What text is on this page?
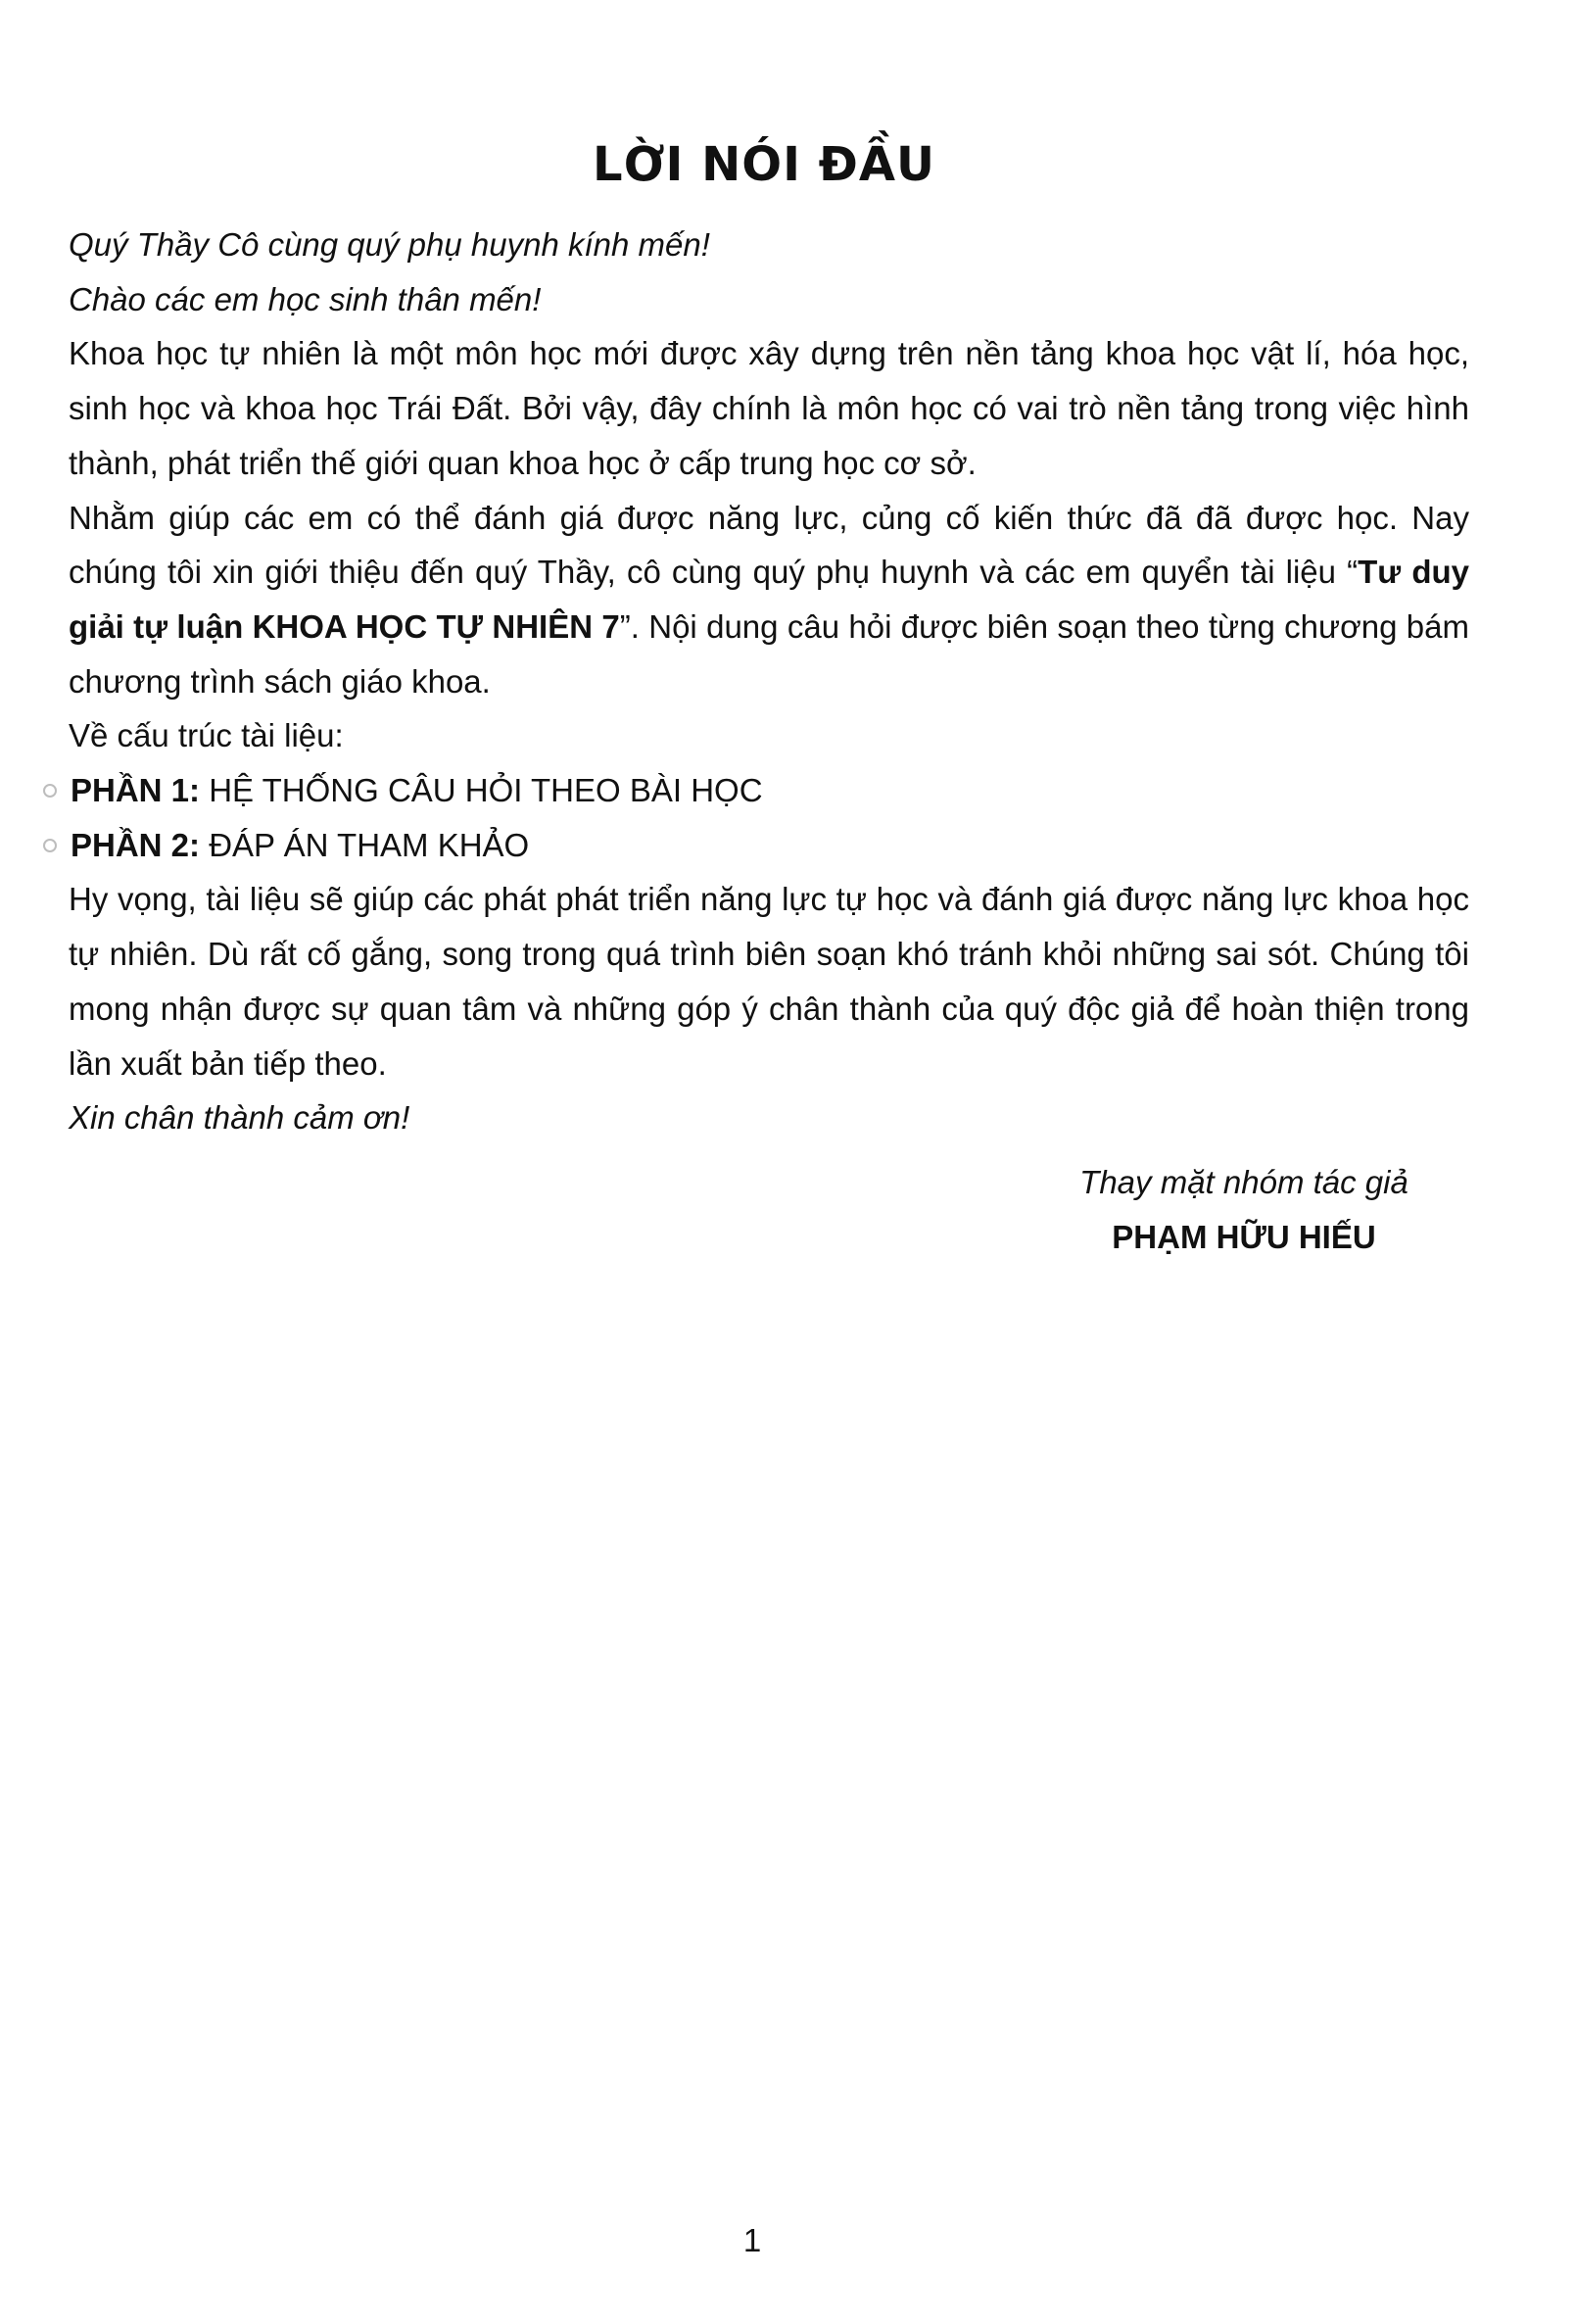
LỜI NÓI ĐẦU

Quý Thầy Cô cùng quý phụ huynh kính mến!

Chào các em học sinh thân mến!

Khoa học tự nhiên là một môn học mới được xây dựng trên nền tảng khoa học vật lí, hóa học, sinh học và khoa học Trái Đất. Bởi vậy, đây chính là môn học có vai trò nền tảng trong việc hình thành, phát triển thế giới quan khoa học ở cấp trung học cơ sở.

Nhằm giúp các em có thể đánh giá được năng lực, củng cố kiến thức đã đã được học. Nay chúng tôi xin giới thiệu đến quý Thầy, cô cùng quý phụ huynh và các em quyển tài liệu “Tư duy giải tự luận KHOA HỌC TỰ NHIÊN 7”. Nội dung câu hỏi được biên soạn theo từng chương bám chương trình sách giáo khoa.

Về cấu trúc tài liệu:

PHẦN 1: HỆ THỐNG CÂU HỎI THEO BÀI HỌC

PHẦN 2: ĐÁP ÁN THAM KHẢO

Hy vọng, tài liệu sẽ giúp các phát phát triển năng lực tự học và đánh giá được năng lực khoa học tự nhiên. Dù rất cố gắng, song trong quá trình biên soạn khó tránh khỏi những sai sót. Chúng tôi mong nhận được sự quan tâm và những góp ý chân thành của quý độc giả để hoàn thiện trong lần xuất bản tiếp theo.

Xin chân thành cảm ơn!

Thay mặt nhóm tác giả

PHẠM HỮU HIẾU

1
